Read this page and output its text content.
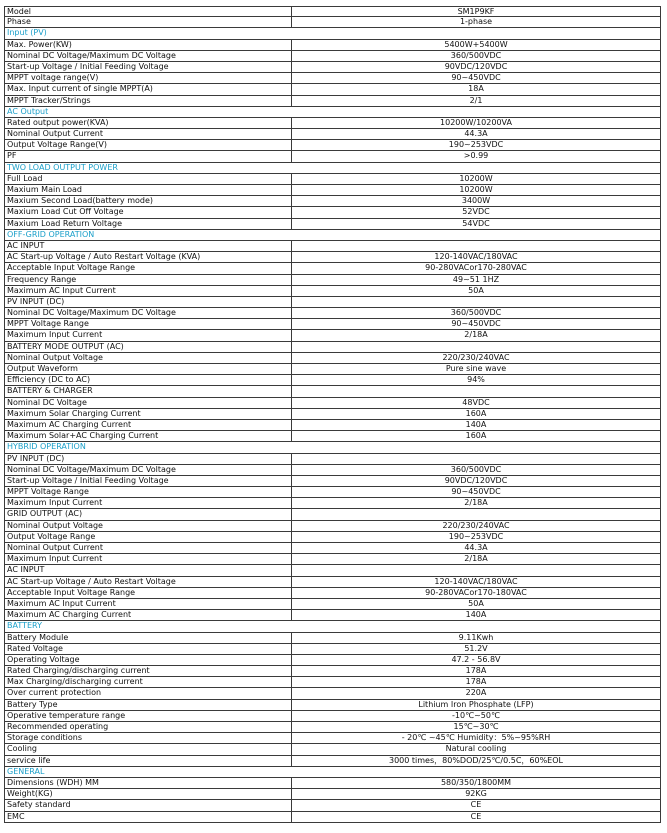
Model	SM1P9KF
Phase	1-phase
Input (PV)
Max. Power(KW)	5400W+5400W
Nominal DC Voltage/Maximum DC Voltage	360/500VDC
Start-up Voltage / Initial Feeding Voltage	90VDC/120VDC
MPPT voltage range(V)	90~450VDC
Max. Input current of single MPPT(A)	18A
MPPT Tracker/Strings	2/1
AC Output
Rated output power(KVA)	10200W/10200VA
Nominal Output Current	44.3A
Output Voltage Range(V)	190~253VDC
PF	>0.99
TWO LOAD OUTPUT POWER
Full Load	10200W
Maxium Main Load	10200W
Maxium Second Load(battery mode)	3400W
Maxium Load Cut Off Voltage	52VDC
Maxium Load Return Voltage	54VDC
OFF-GRID OPERATION
AC INPUT
AC Start-up Voltage / Auto Restart Voltage (KVA)	120-140VAC/180VAC
Acceptable Input Voltage Range	90-280VACor170-280VAC
Frequency Range	49~51 1HZ
Maximum AC Input Current	50A
PV INPUT (DC)
Nominal DC Voltage/Maximum DC Voltage	360/500VDC
MPPT Voltage Range	90~450VDC
Maximum Input Current	2/18A
BATTERY MODE OUTPUT (AC)
Nominal Output Voltage	220/230/240VAC
Output Waveform	Pure sine wave
Efficiency (DC to AC)	94%
BATTERY & CHARGER
Nominal DC Voltage	48VDC
Maximum Solar Charging Current	160A
Maximum AC Charging Current	140A
Maximum Solar+AC Charging Current	160A
HYBRID OPERATION
PV INPUT (DC)
Nominal DC Voltage/Maximum DC Voltage	360/500VDC
Start-up Voltage / Initial Feeding Voltage	90VDC/120VDC
MPPT Voltage Range	90~450VDC
Maximum Input Current	2/18A
GRID OUTPUT (AC)
Nominal Output Voltage	220/230/240VAC
Output Voltage Range	190~253VDC
Nominal Output Current	44.3A
Maximum Input Current	2/18A
AC INPUT
AC Start-up Voltage / Auto Restart Voltage	120-140VAC/180VAC
Acceptable Input Voltage Range	90-280VACor170-180VAC
Maximum AC Input Current	50A
Maximum AC Charging Current	140A
BATTERY
Battery Module	9.11Kwh
Rated Voltage	51.2V
Operating Voltage	47.2 - 56.8V
Rated Charging/discharging current	178A
Max Charging/discharging current	178A
Over current protection	220A
Battery Type	Lithium Iron Phosphate (LFP)
Operative temperature range	-10℃~50℃
Recommended operating	15℃~30℃
Storage conditions	- 20℃ ~45℃ Humidity：5%~95%RH
Cooling	Natural cooling
service life	3000 times，80%DOD/25℃/0.5C，60%EOL
GENERAL
Dimensions (WDH) MM	580/350/1800MM
Weight(KG)	92KG
Safety standard	CE
EMC	CE
